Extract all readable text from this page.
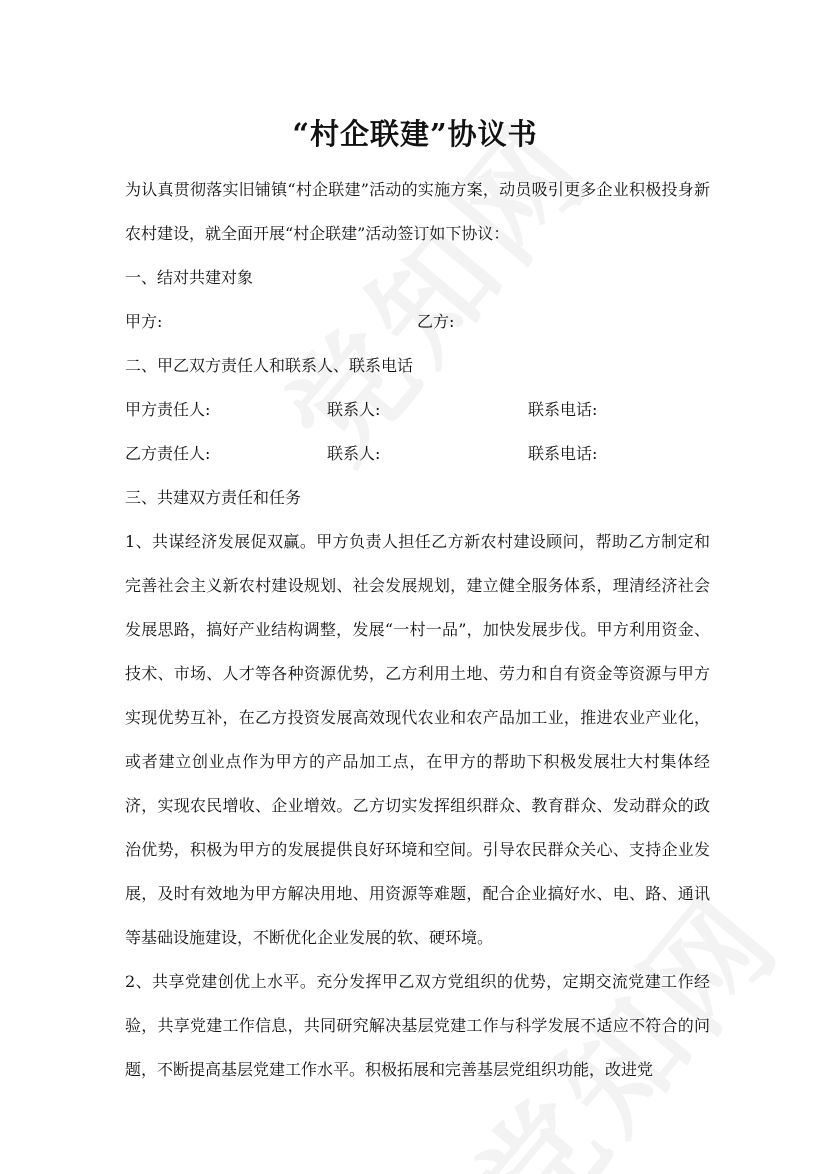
“村企联建”协议书

为认真贯彻落实旧铺镇“村企联建”活动的实施方案，动员吸引更多企业积极投身新农村建设，就全面开展“村企联建”活动签订如下协议：

一、结对共建对象

甲方:	乙方:

二、甲乙双方责任人和联系人、联系电话

甲方责任人:	联系人:	联系电话:
乙方责任人:	联系人:	联系电话:

三、共建双方责任和任务

1、共谋经济发展促双赢。甲方负责人担任乙方新农村建设顾问，帮助乙方制定和完善社会主义新农村建设规划、社会发展规划，建立健全服务体系，理清经济社会发展思路，搞好产业结构调整，发展“一村一品”，加快发展步伐。甲方利用资金、技术、市场、人才等各种资源优势，乙方利用土地、劳力和自有资金等资源与甲方实现优势互补，在乙方投资发展高效现代农业和农产品加工业，推进农业产业化，或者建立创业点作为甲方的产品加工点，在甲方的帮助下积极发展壮大村集体经济，实现农民增收、企业增效。乙方切实发挥组织群众、教育群众、发动群众的政治优势，积极为甲方的发展提供良好环境和空间。引导农民群众关心、支持企业发展，及时有效地为甲方解决用地、用资源等难题，配合企业搞好水、电、路、通讯等基础设施建设，不断优化企业发展的软、硬环境。

2、共享党建创优上水平。充分发挥甲乙双方党组织的优势，定期交流党建工作经验，共享党建工作信息，共同研究解决基层党建工作与科学发展不适应不符合的问题，不断提高基层党建工作水平。积极拓展和完善基层党组织功能，改进党
